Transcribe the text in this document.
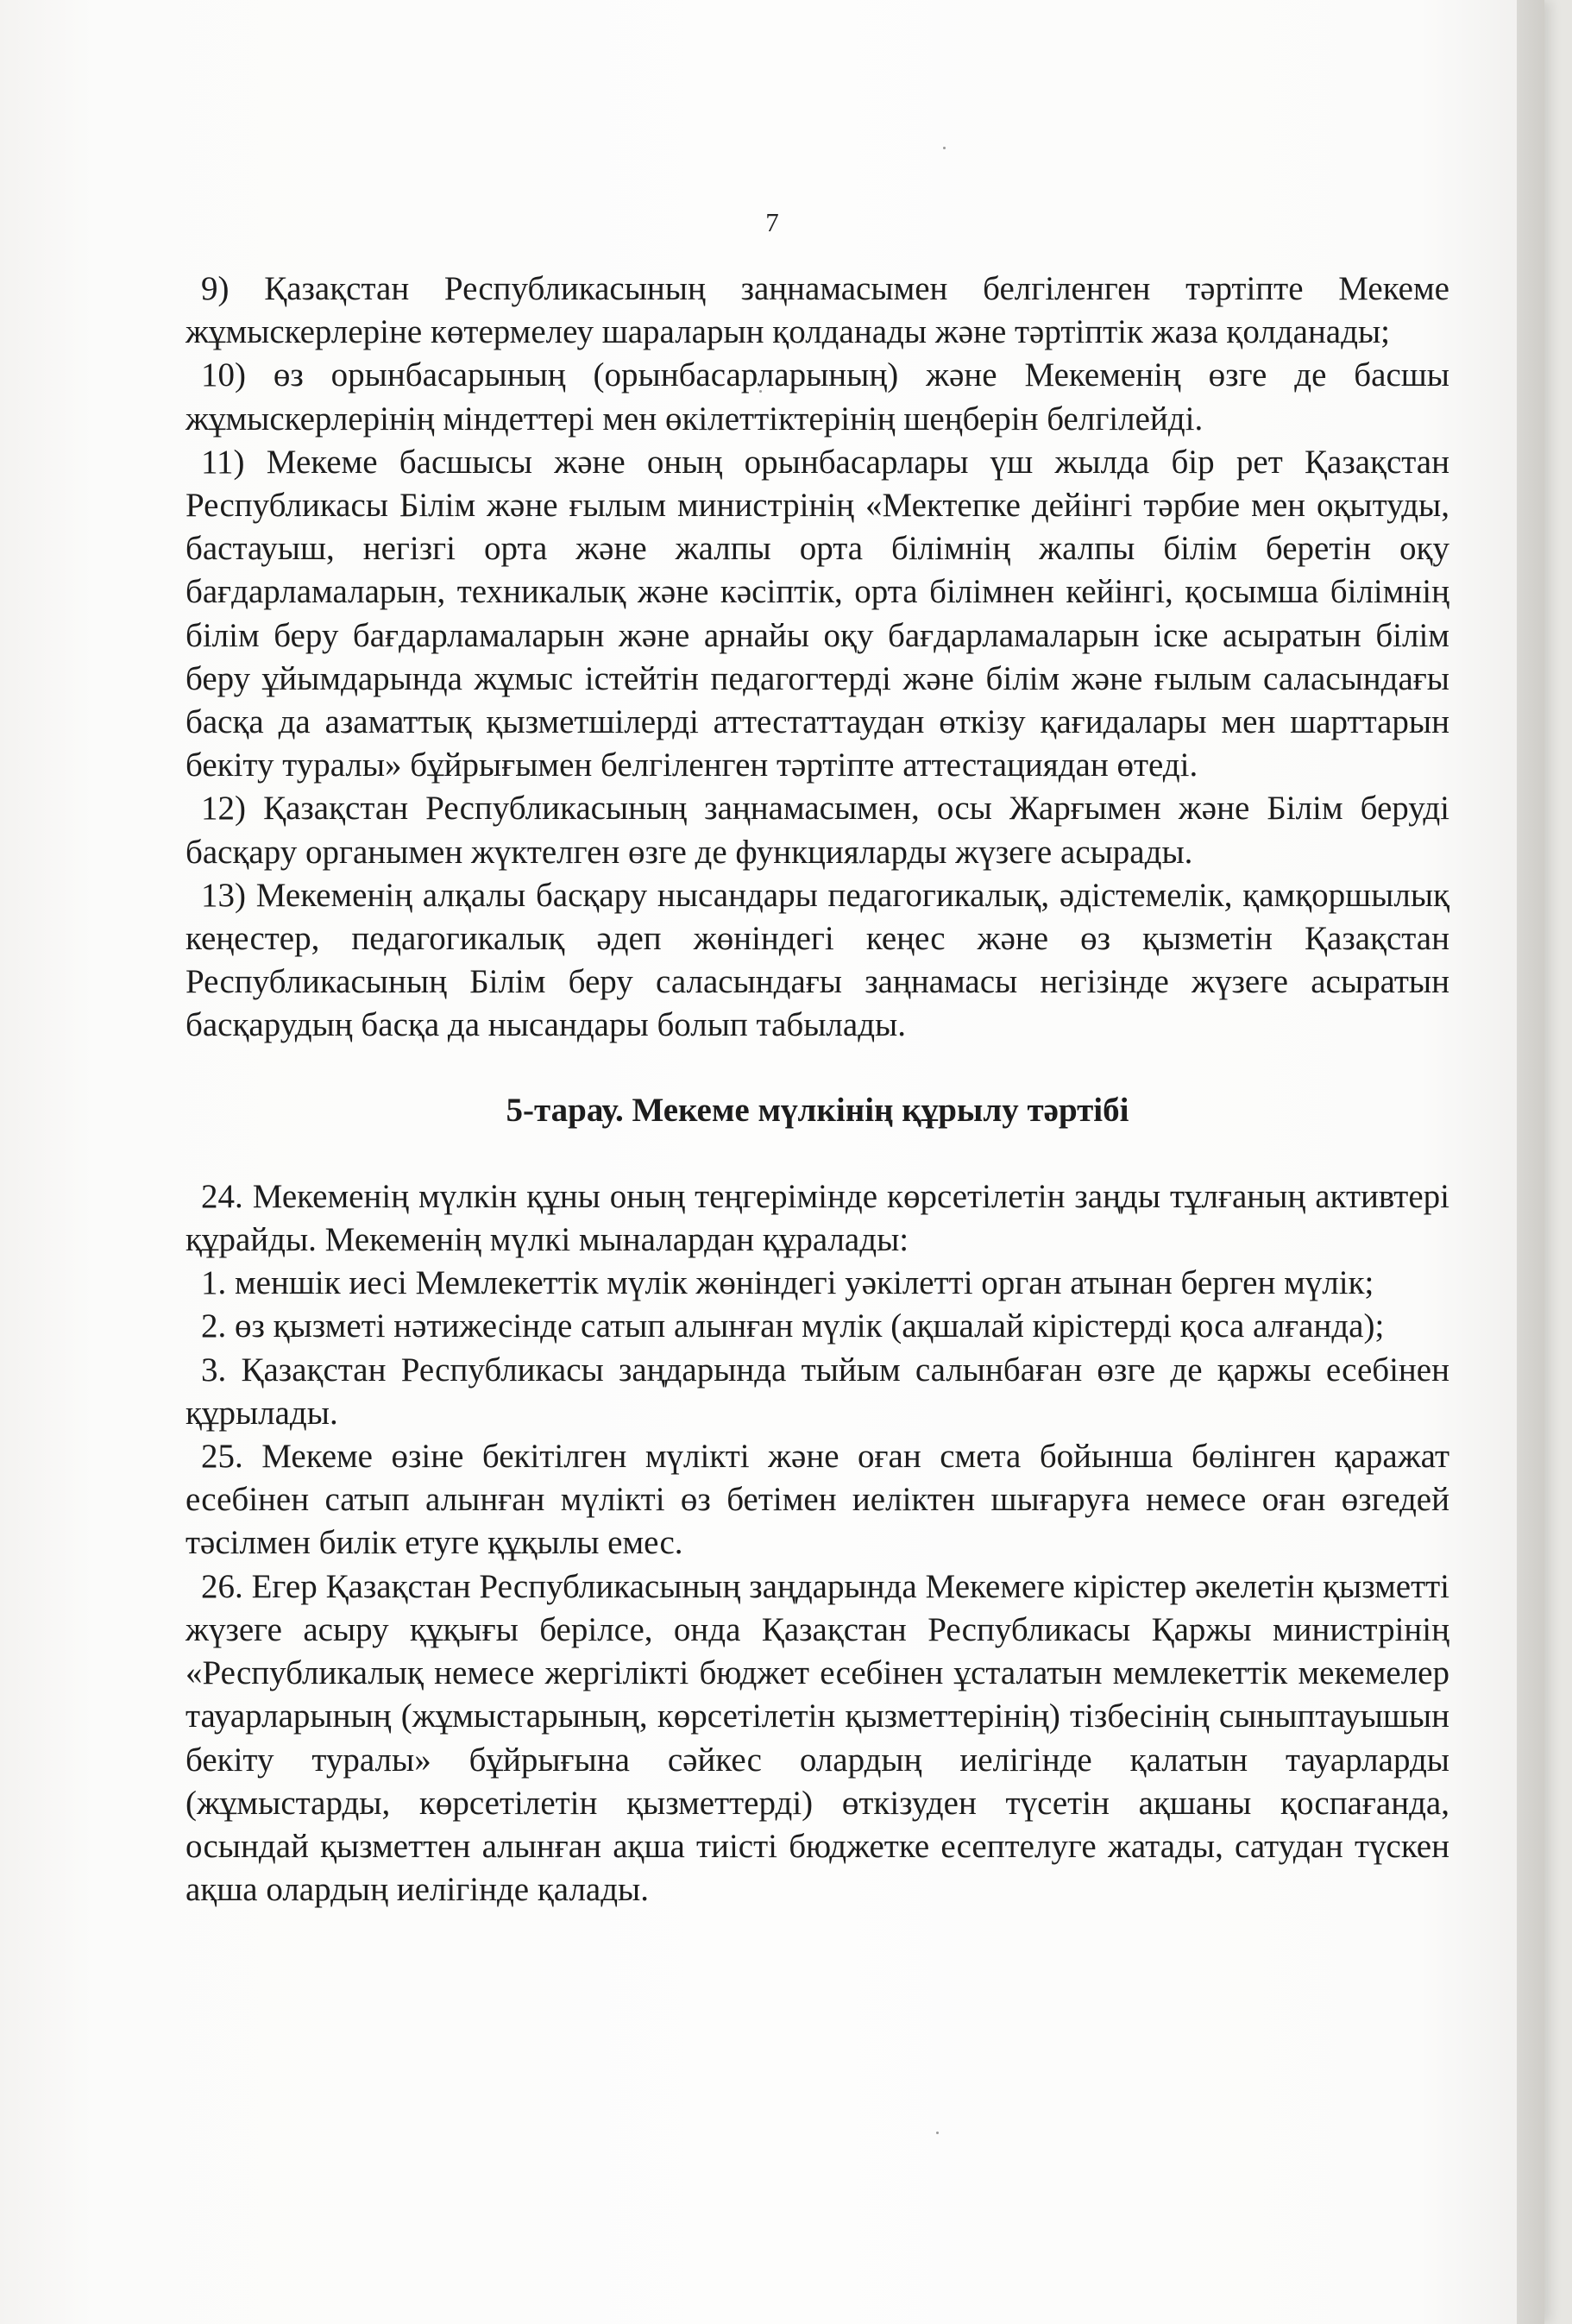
7

9) Қазақстан Республикасының заңнамасымен белгіленген тәртіпте Мекеме жұмыскерлеріне көтермелеу шараларын қолданады және тәртіптік жаза қолданады;

10) өз орынбасарының (орынбасарларының) және Мекеменің өзге де басшы жұмыскерлерінің міндеттері мен өкілеттіктерінің шеңберін белгілейді.

11) Мекеме басшысы және оның орынбасарлары үш жылда бір рет Қазақстан Республикасы Білім және ғылым министрінің «Мектепке дейінгі тәрбие мен оқытуды, бастауыш, негізгі орта және жалпы орта білімнің жалпы білім беретін оқу бағдарламаларын, техникалық және кәсіптік, орта білімнен кейінгі, қосымша білімнің білім беру бағдарламаларын және арнайы оқу бағдарламаларын іске асыратын білім беру ұйымдарында жұмыс істейтін педагогтерді және білім және ғылым саласындағы басқа да азаматтық қызметшілерді аттестаттаудан өткізу қағидалары мен шарттарын бекіту туралы» бұйрығымен белгіленген тәртіпте аттестациядан өтеді.

12) Қазақстан Республикасының заңнамасымен, осы Жарғымен және Білім беруді басқару органымен жүктелген өзге де функцияларды жүзеге асырады.

13) Мекеменің алқалы басқару нысандары педагогикалық, әдістемелік, қамқоршылық кеңестер, педагогикалық әдеп жөніндегі кеңес және өз қызметін Қазақстан Республикасының Білім беру саласындағы заңнамасы негізінде жүзеге асыратын басқарудың басқа да нысандары болып табылады.

5-тарау. Мекеме мүлкінің құрылу тәртібі

24. Мекеменің мүлкін құны оның теңгерімінде көрсетілетін заңды тұлғаның активтері құрайды. Мекеменің мүлкі мыналардан құралады:

1. меншік иесі Мемлекеттік мүлік жөніндегі уәкілетті орган атынан берген мүлік;

2. өз қызметі нәтижесінде сатып алынған мүлік (ақшалай кірістерді қоса алғанда);

3. Қазақстан Республикасы заңдарында тыйым салынбаған өзге де қаржы есебінен құрылады.

25. Мекеме өзіне бекітілген мүлікті және оған смета бойынша бөлінген қаражат есебінен сатып алынған мүлікті өз бетімен иеліктен шығаруға немесе оған өзгедей тәсілмен билік етуге құқылы емес.

26. Егер Қазақстан Республикасының заңдарында Мекемеге кірістер әкелетін қызметті жүзеге асыру құқығы берілсе, онда Қазақстан Республикасы Қаржы министрінің «Республикалық немесе жергілікті бюджет есебінен ұсталатын мемлекеттік мекемелер тауарларының (жұмыстарының, көрсетілетін қызметтерінің) тізбесінің сыныптауышын бекіту туралы» бұйрығына сәйкес олардың иелігінде қалатын тауарларды (жұмыстарды, көрсетілетін қызметтерді) өткізуден түсетін ақшаны қоспағанда, осындай қызметтен алынған ақша тиісті бюджетке есептелуге жатады, сатудан түскен ақша олардың иелігінде қалады.
